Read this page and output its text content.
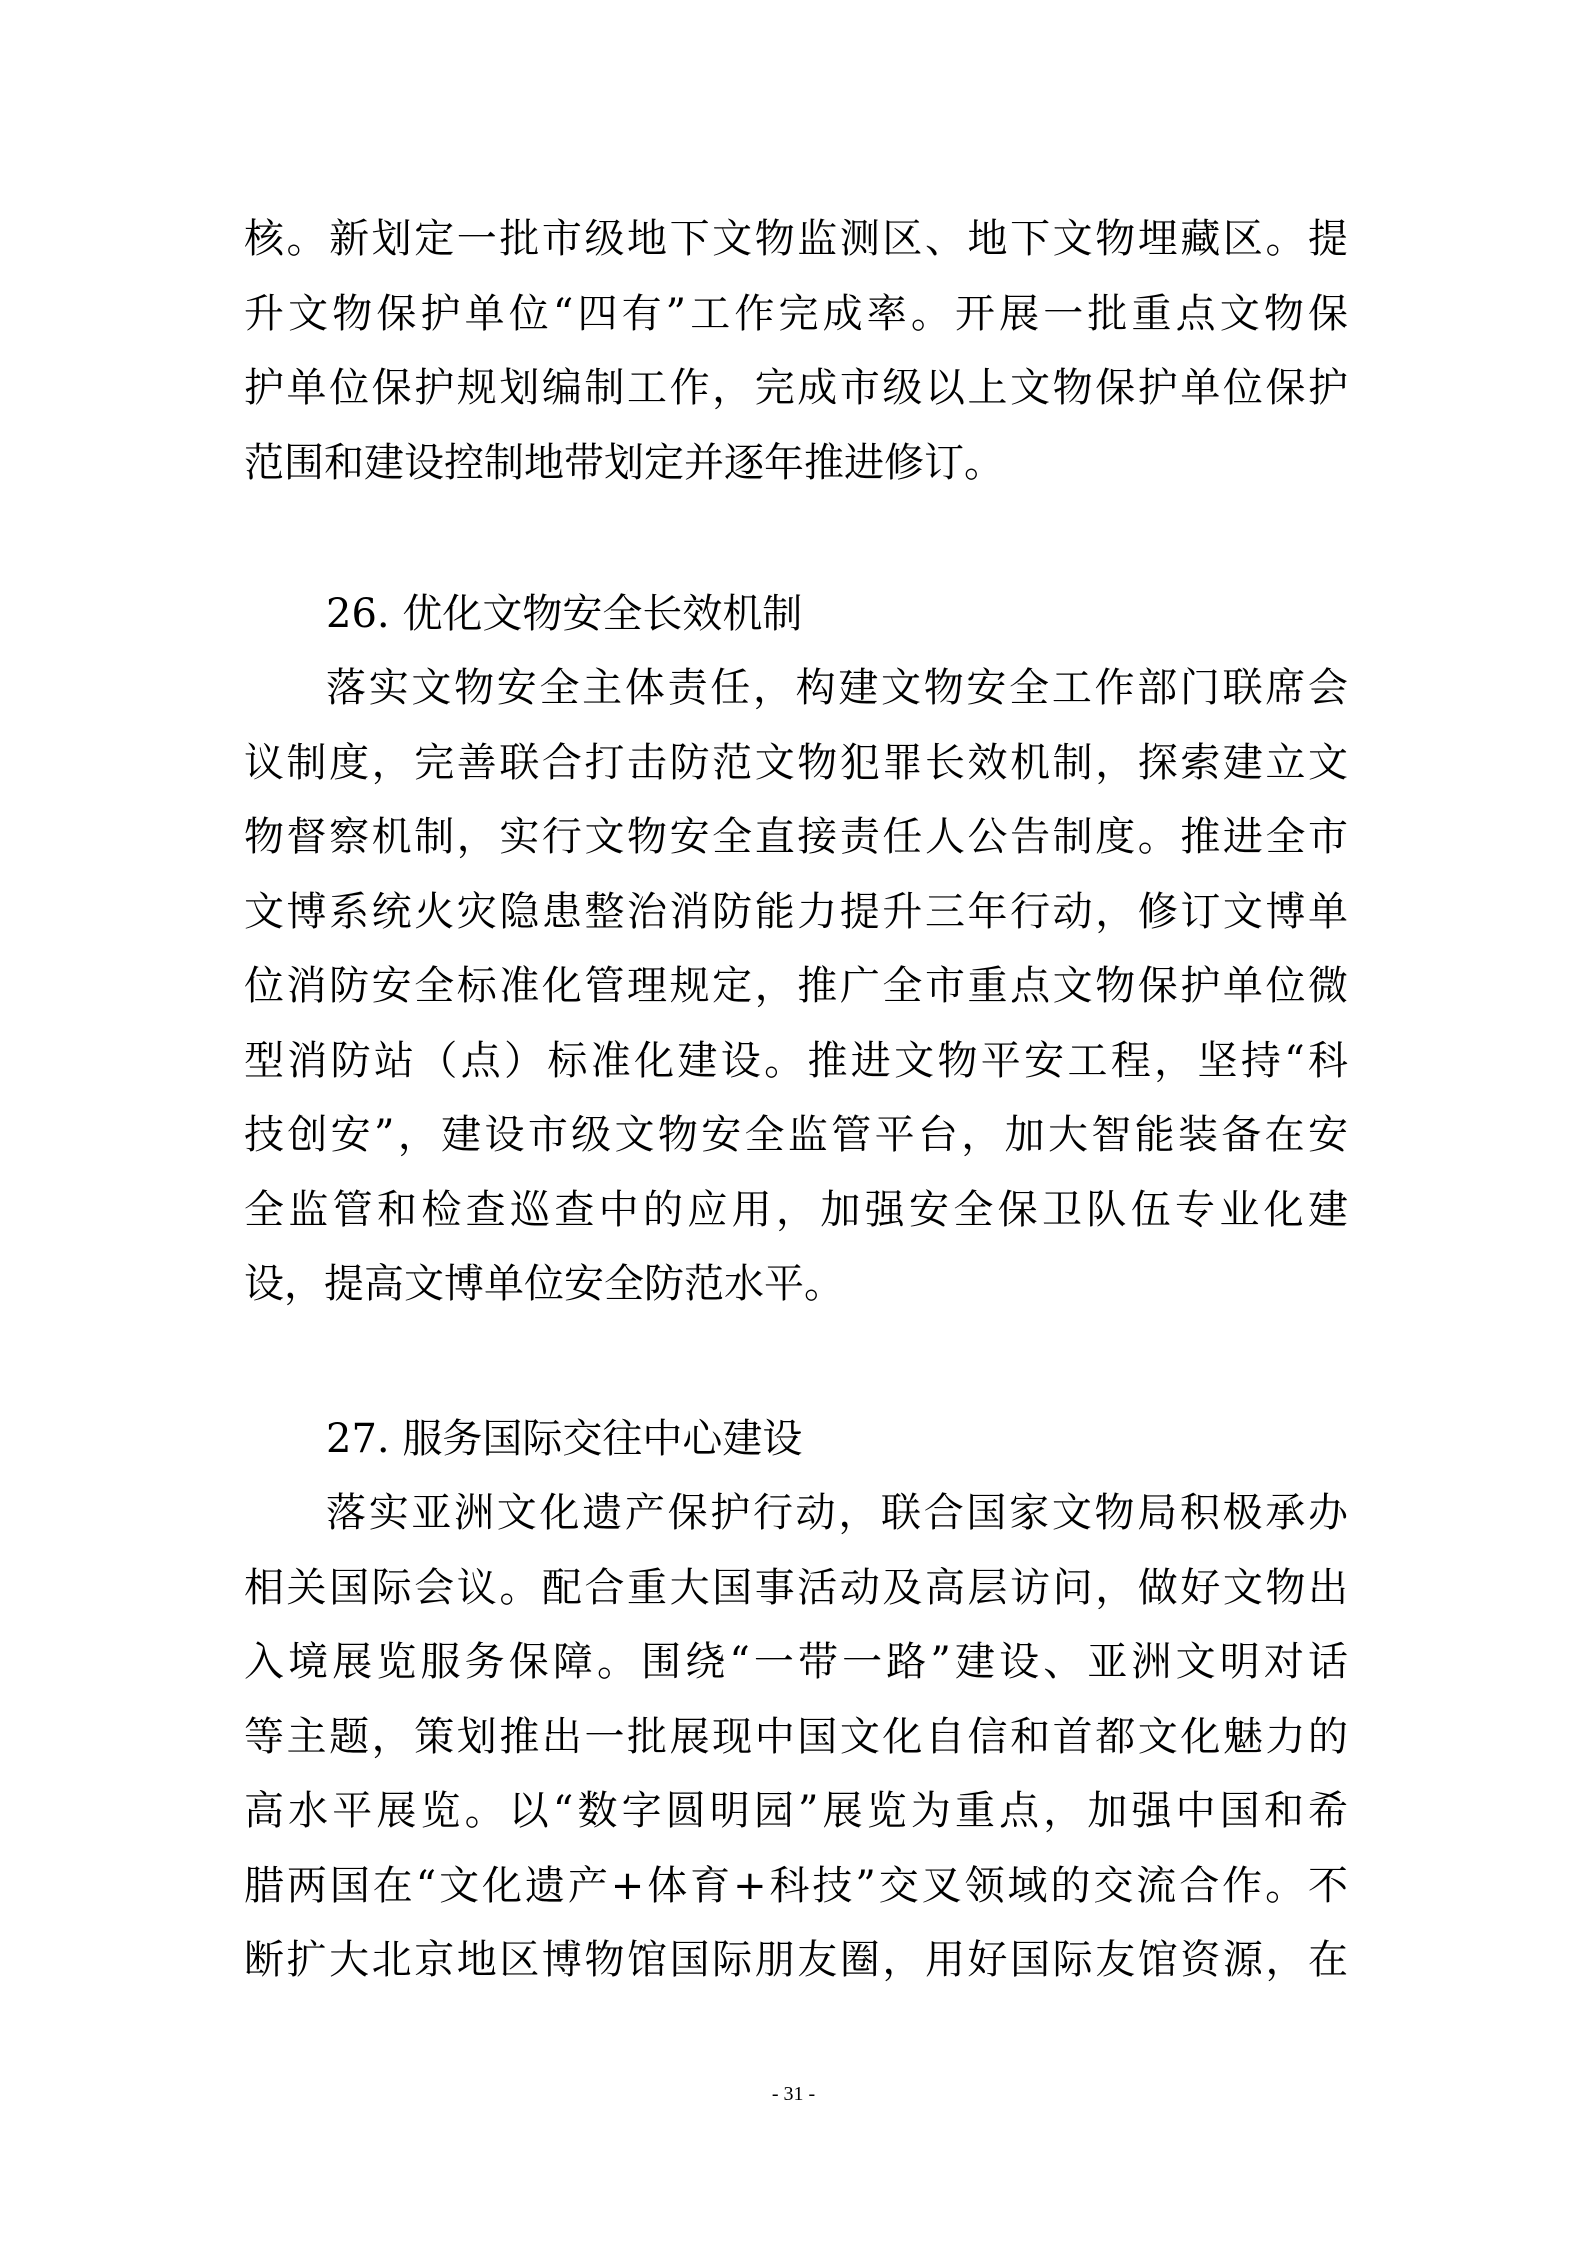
核。新划定一批市级地下文物监测区、地下文物埋藏区。提
升文物保护单位“四有”工作完成率。开展一批重点文物保
护单位保护规划编制工作，完成市级以上文物保护单位保护
范围和建设控制地带划定并逐年推进修订。
26. 优化文物安全长效机制
落实文物安全主体责任，构建文物安全工作部门联席会
议制度，完善联合打击防范文物犯罪长效机制，探索建立文
物督察机制，实行文物安全直接责任人公告制度。推进全市
文博系统火灾隐患整治消防能力提升三年行动，修订文博单
位消防安全标准化管理规定，推广全市重点文物保护单位微
型消防站（点）标准化建设。推进文物平安工程，坚持“科
技创安”，建设市级文物安全监管平台，加大智能装备在安
全监管和检查巡查中的应用，加强安全保卫队伍专业化建
设，提高文博单位安全防范水平。
27. 服务国际交往中心建设
落实亚洲文化遗产保护行动，联合国家文物局积极承办
相关国际会议。配合重大国事活动及高层访问，做好文物出
入境展览服务保障。围绕“一带一路”建设、亚洲文明对话
等主题，策划推出一批展现中国文化自信和首都文化魅力的
高水平展览。以“数字圆明园”展览为重点，加强中国和希
腊两国在“文化遗产+体育+科技”交叉领域的交流合作。不
断扩大北京地区博物馆国际朋友圈，用好国际友馆资源，在
- 31 -
